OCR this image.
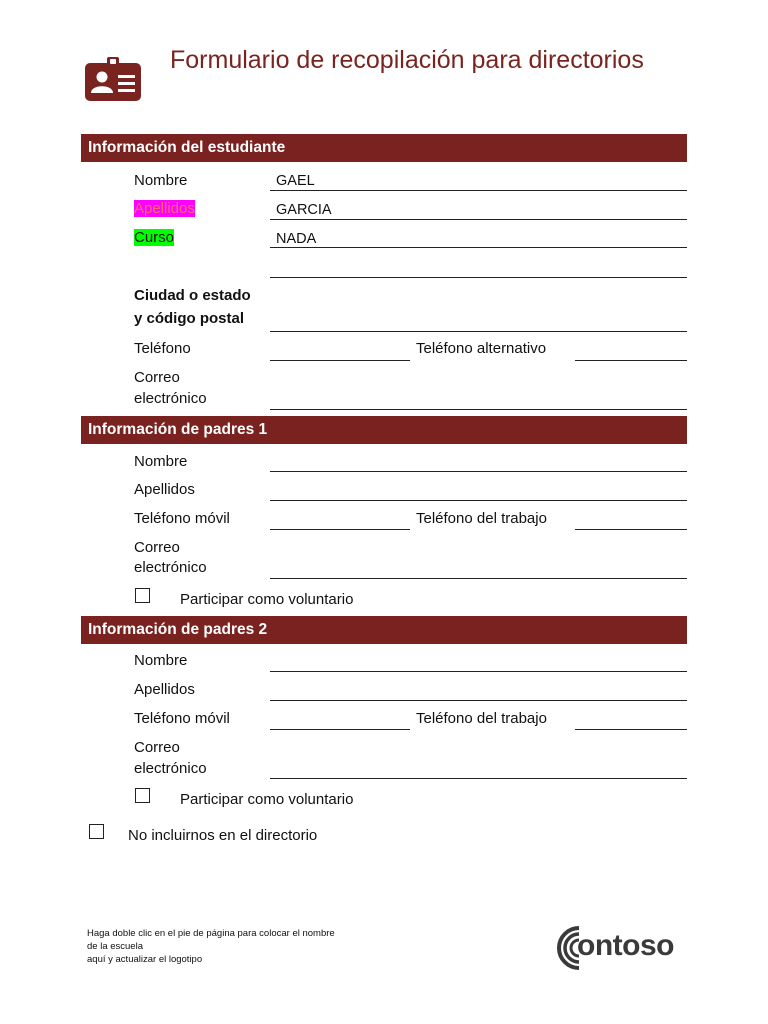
Formulario de recopilación para directorios
Información del estudiante
Nombre	GAEL
Apellidos	GARCIA
Curso	NADA
Ciudad o estado
y código postal
Teléfono	Teléfono alternativo
Correo
electrónico
Información de padres 1
Nombre
Apellidos
Teléfono móvil	Teléfono del trabajo
Correo
electrónico
Participar como voluntario
Información de padres 2
Nombre
Apellidos
Teléfono móvil	Teléfono del trabajo
Correo
electrónico
Participar como voluntario
No incluirnos en el directorio
Haga doble clic en el pie de página para colocar el nombre
de la escuela
aquí y actualizar el logotipo	ontoso
